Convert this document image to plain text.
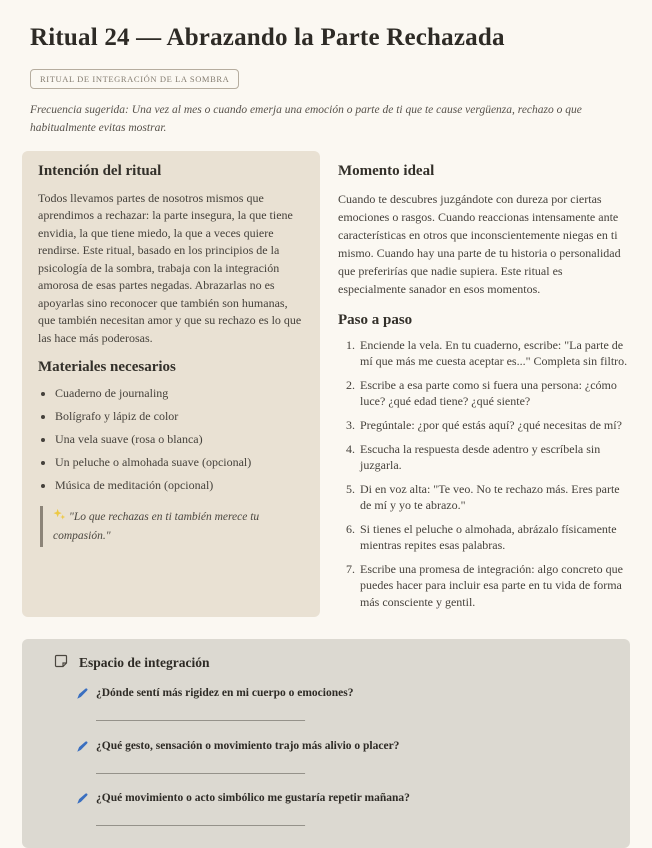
Ritual 24 — Abrazando la Parte Rechazada
RITUAL DE INTEGRACIÓN DE LA SOMBRA

Frecuencia sugerida: Una vez al mes o cuando emerja una emoción o parte de ti que te cause vergüenza, rechazo o que habitualmente evitas mostrar.

Intención del ritual

Todos llevamos partes de nosotros mismos que aprendimos a rechazar: la parte insegura, la que tiene envidia, la que tiene miedo, la que a veces quiere rendirse. Este ritual, basado en los principios de la psicología de la sombra, trabaja con la integración amorosa de esas partes negadas. Abrazarlas no es apoyarlas sino reconocer que también son humanas, que también necesitan amor y que su rechazo es lo que las hace más poderosas.

Materiales necesarios
• Cuaderno de journaling
• Bolígrafo y lápiz de color
• Una vela suave (rosa o blanca)
• Un peluche o almohada suave (opcional)
• Música de meditación (opcional)
"Lo que rechazas en ti también merece tu compasión."
Momento ideal

Cuando te descubres juzgándote con dureza por ciertas emociones o rasgos. Cuando reaccionas intensamente ante características en otros que inconscientemente niegas en ti mismo. Cuando hay una parte de tu historia o personalidad que preferirías que nadie supiera. Este ritual es especialmente sanador en esos momentos.

Paso a paso
1. Enciende la vela. En tu cuaderno, escribe: "La parte de mí que más me cuesta aceptar es..." Completa sin filtro.
2. Escribe a esa parte como si fuera una persona: ¿cómo luce? ¿qué edad tiene? ¿qué siente?
3. Pregúntale: ¿por qué estás aquí? ¿qué necesitas de mí?
4. Escucha la respuesta desde adentro y escríbela sin juzgarla.
5. Di en voz alta: "Te veo. No te rechazo más. Eres parte de mí y yo te abrazo."
6. Si tienes el peluche o almohada, abrázalo físicamente mientras repites esas palabras.
7. Escribe una promesa de integración: algo concreto que puedes hacer para incluir esa parte en tu vida de forma más consciente y gentil.
Espacio de integración
¿Dónde sentí más rigidez en mi cuerpo o emociones?
______________________________________
¿Qué gesto, sensación o movimiento trajo más alivio o placer?
______________________________________
¿Qué movimiento o acto simbólico me gustaría repetir mañana?
______________________________________
